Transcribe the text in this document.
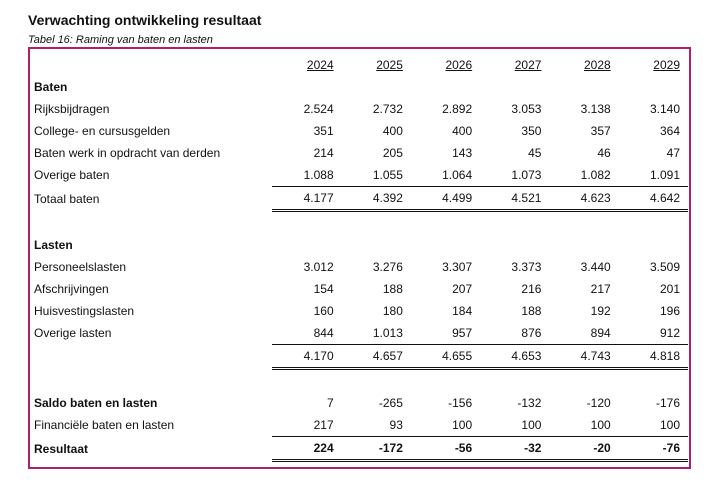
Verwachting ontwikkeling resultaat
Tabel 16: Raming van baten en lasten
	2024	2025	2026	2027	2028	2029
Baten						
Rijksbijdragen	2.524	2.732	2.892	3.053	3.138	3.140
College- en cursusgelden	351	400	400	350	357	364
Baten werk in opdracht van derden	214	205	143	45	46	47
Overige baten	1.088	1.055	1.064	1.073	1.082	1.091
Totaal baten	4.177	4.392	4.499	4.521	4.623	4.642

Lasten						
Personeelslasten	3.012	3.276	3.307	3.373	3.440	3.509
Afschrijvingen	154	188	207	216	217	201
Huisvestingslasten	160	180	184	188	192	196
Overige lasten	844	1.013	957	876	894	912
	4.170	4.657	4.655	4.653	4.743	4.818

Saldo baten en lasten	7	-265	-156	-132	-120	-176
Financiële baten en lasten	217	93	100	100	100	100
Resultaat	224	-172	-56	-32	-20	-76
